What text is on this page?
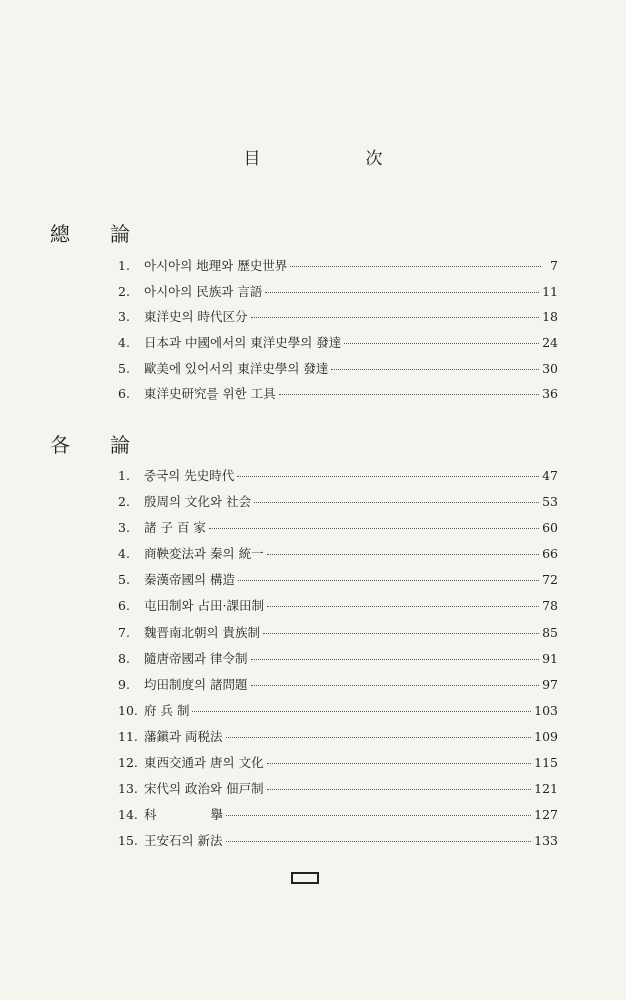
目　次
總論
1.	아시아의 地理와 歷史世界	7
2.	아시아의 民族과 言語	11
3.	東洋史의 時代区分	18
4.	日本과 中國에서의 東洋史學의 發達	24
5.	歐美에 있어서의 東洋史學의 發達	30
6.	東洋史研究를 위한 工具	36
各論
1.	중국의 先史時代	47
2.	殷周의 文化와 社会	53
3.	諸 子 百 家	60
4.	商鞅変法과 秦의 統一	66
5.	秦漢帝國의 構造	72
6.	屯田制와 占田·課田制	78
7.	魏晋南北朝의 貴族制	85
8.	隨唐帝國과 律令制	91
9.	均田制度의 諸問題	97
10. 府 兵 制	103
11. 藩鎭과 両税法	109
12. 東西交通과 唐의 文化	115
13. 宋代의 政治와 佃戸制	121
14. 科 　　　　擧	127
15. 王安石의 新法	133
